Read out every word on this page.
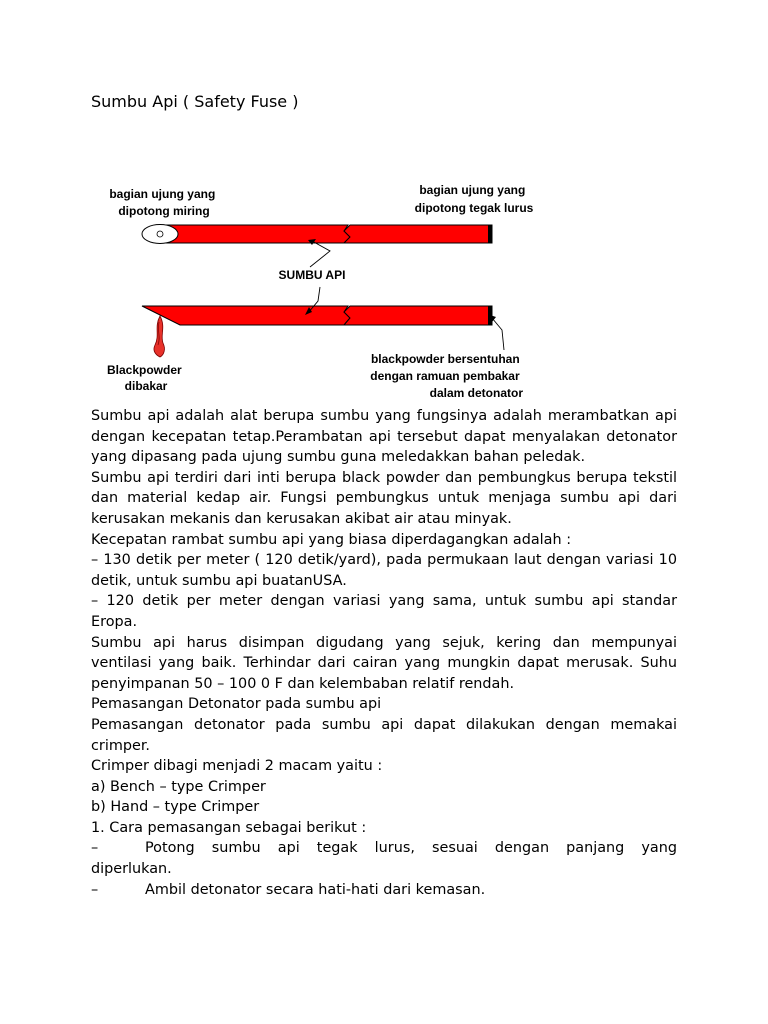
Sumbu Api ( Safety Fuse )
bagian ujung yang dipotong miring
bagian ujung yang dipotong tegak lurus
SUMBU API
Blackpowder dibakar
blackpowder bersentuhan dengan ramuan pembakar dalam detonator

Sumbu api adalah alat berupa sumbu yang fungsinya adalah merambatkan api dengan kecepatan tetap.Perambatan api tersebut dapat menyalakan detonator yang dipasang pada ujung sumbu guna meledakkan bahan peledak.

Sumbu api terdiri dari inti berupa black powder dan pembungkus berupa tekstil dan material kedap air. Fungsi pembungkus untuk menjaga sumbu api dari kerusakan mekanis dan kerusakan akibat air atau minyak.

Kecepatan rambat sumbu api yang biasa diperdagangkan adalah :

– 130 detik per meter ( 120 detik/yard), pada permukaan laut dengan variasi 10 detik, untuk sumbu api buatanUSA.

– 120 detik per meter dengan variasi yang sama, untuk sumbu api standar Eropa.

Sumbu api harus disimpan digudang yang sejuk, kering dan mempunyai ventilasi yang baik. Terhindar dari cairan yang mungkin dapat merusak. Suhu penyimpanan 50 – 100 0 F dan kelembaban relatif rendah.

Pemasangan Detonator pada sumbu api

Pemasangan detonator pada sumbu api dapat dilakukan dengan memakai crimper.

Crimper dibagi menjadi 2 macam yaitu :

a) Bench – type Crimper

b) Hand – type Crimper

1. Cara pemasangan sebagai berikut :

–	Potong sumbu api tegak lurus, sesuai dengan panjang yang

diperlukan.

–	Ambil detonator secara hati-hati dari kemasan.
